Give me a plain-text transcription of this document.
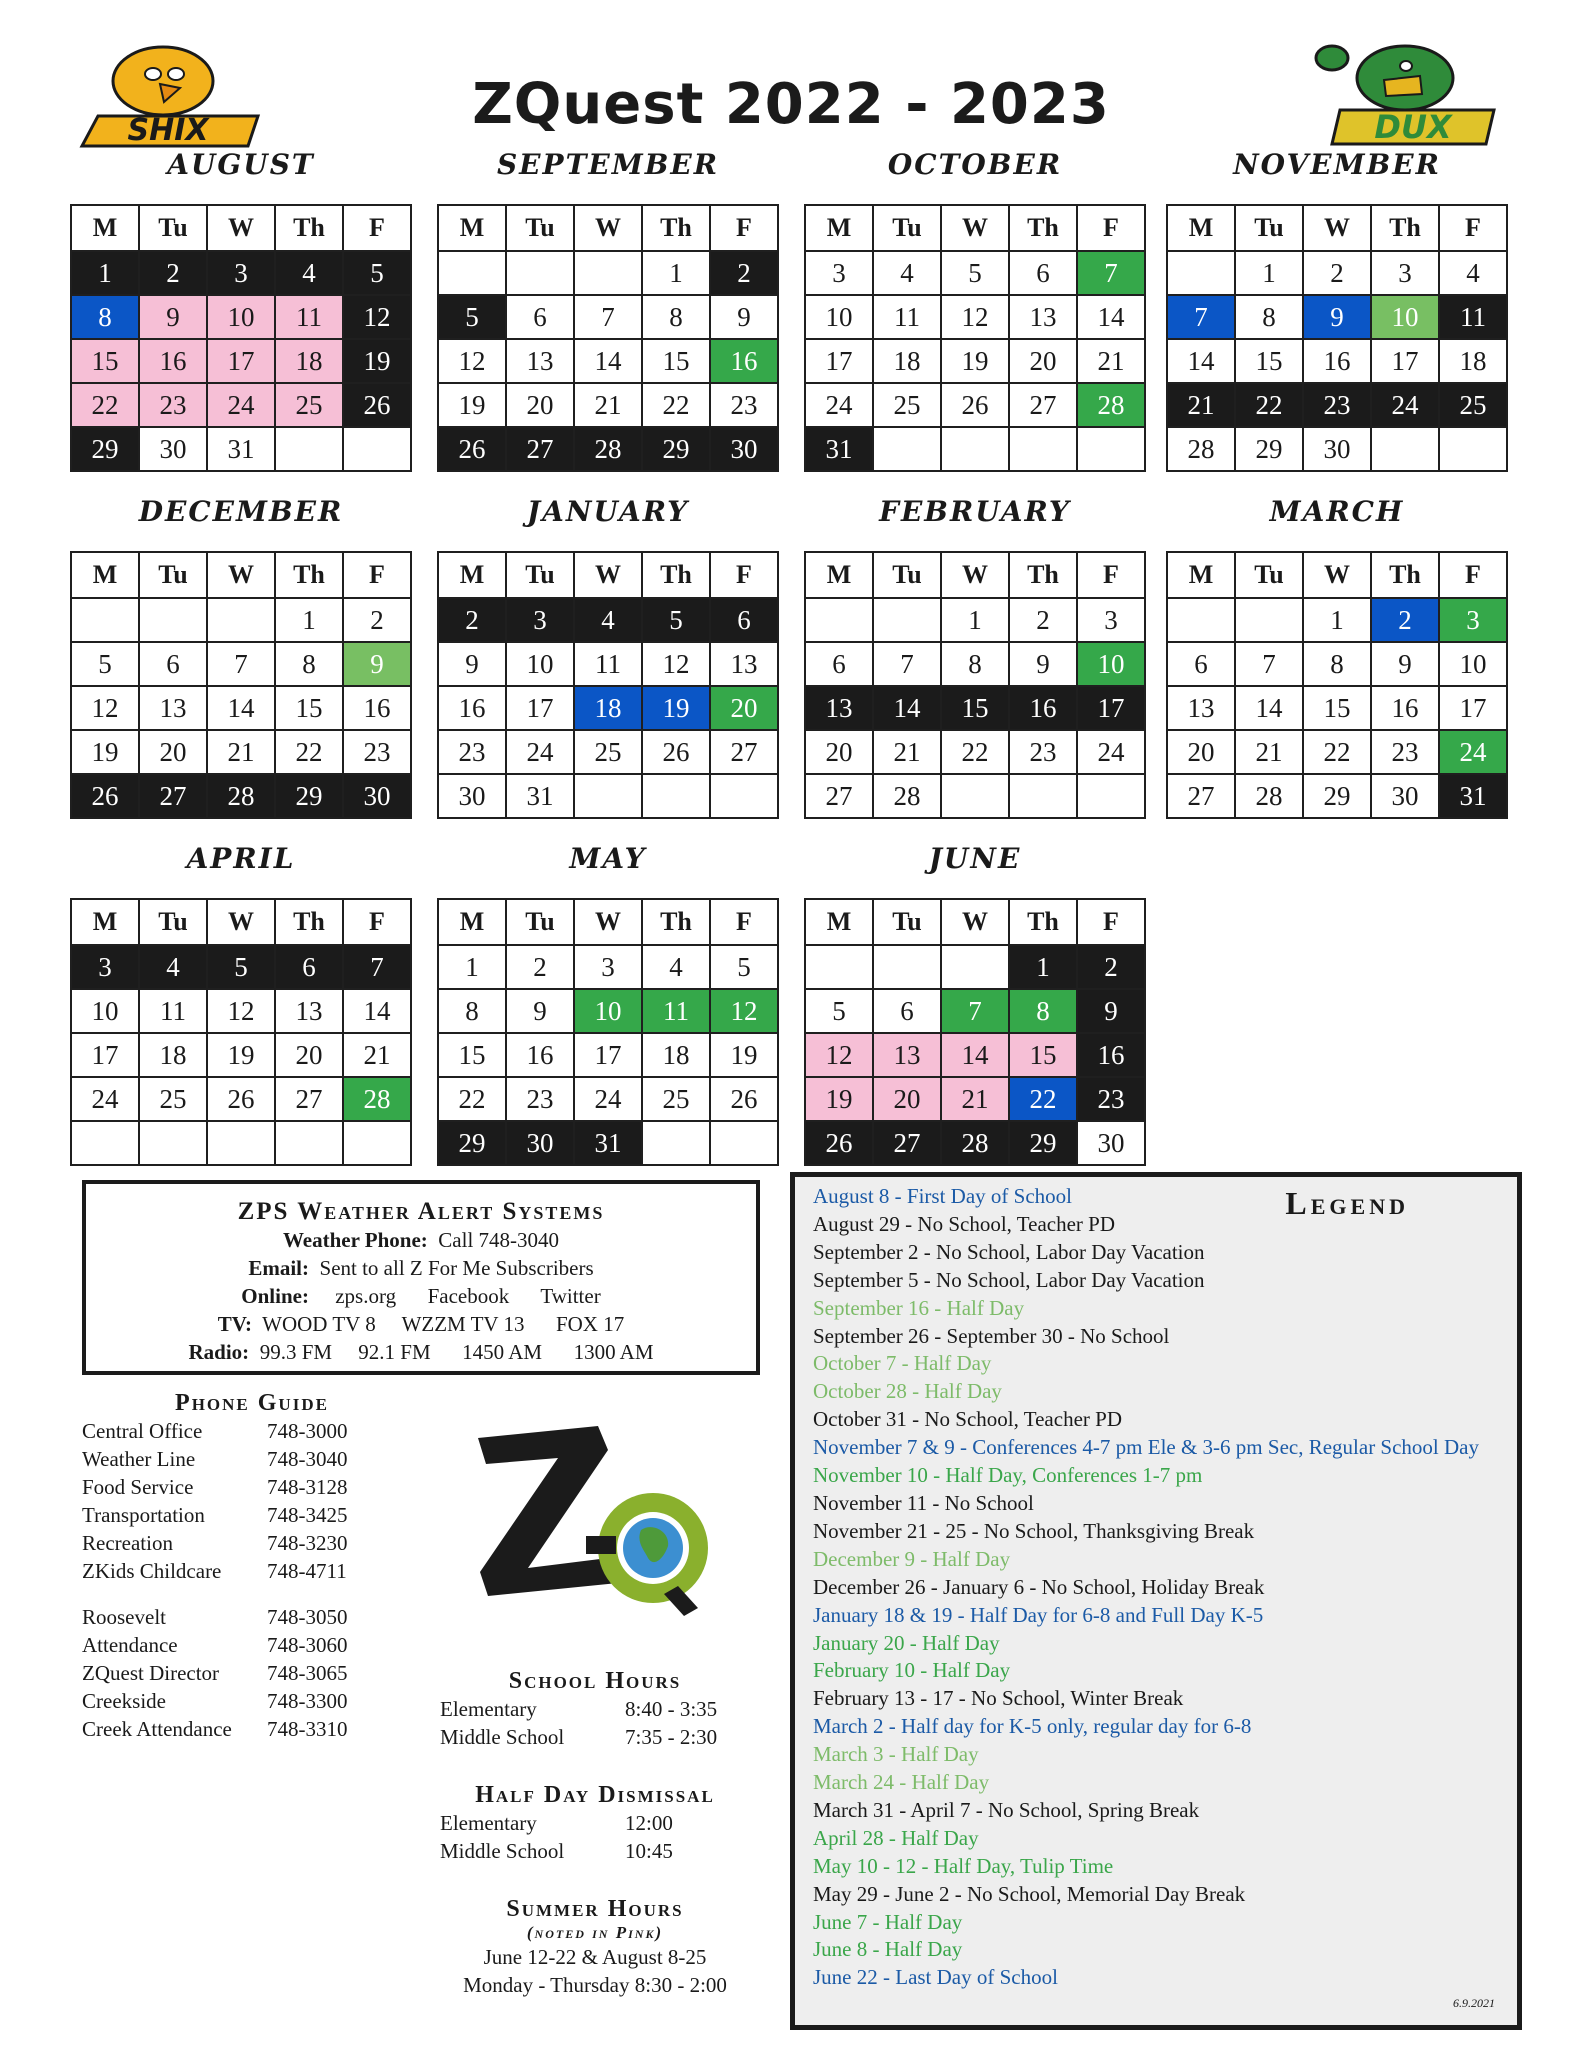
SHIX	DUX
ZQuest 2022 - 2023
AUGUST
M	Tu	W	Th	F
1	2	3	4	5
8	9	10	11	12
15	16	17	18	19
22	23	24	25	26
29	30	31		
SEPTEMBER
M	Tu	W	Th	F
			1	2
5	6	7	8	9
12	13	14	15	16
19	20	21	22	23
26	27	28	29	30
OCTOBER
M	Tu	W	Th	F
3	4	5	6	7
10	11	12	13	14
17	18	19	20	21
24	25	26	27	28
31				
NOVEMBER
M	Tu	W	Th	F
	1	2	3	4
7	8	9	10	11
14	15	16	17	18
21	22	23	24	25
28	29	30		
DECEMBER
M	Tu	W	Th	F
			1	2
5	6	7	8	9
12	13	14	15	16
19	20	21	22	23
26	27	28	29	30
JANUARY
M	Tu	W	Th	F
2	3	4	5	6
9	10	11	12	13
16	17	18	19	20
23	24	25	26	27
30	31			
FEBRUARY
M	Tu	W	Th	F
		1	2	3
6	7	8	9	10
13	14	15	16	17
20	21	22	23	24
27	28			
MARCH
M	Tu	W	Th	F
		1	2	3
6	7	8	9	10
13	14	15	16	17
20	21	22	23	24
27	28	29	30	31
APRIL
M	Tu	W	Th	F
3	4	5	6	7
10	11	12	13	14
17	18	19	20	21
24	25	26	27	28

MAY
M	Tu	W	Th	F
1	2	3	4	5
8	9	10	11	12
15	16	17	18	19
22	23	24	25	26
29	30	31		
JUNE
M	Tu	W	Th	F
			1	2
5	6	7	8	9
12	13	14	15	16
19	20	21	22	23
26	27	28	29	30
ZPS Weather Alert Systems
Weather Phone:  Call 748-3040
Email:  Sent to all Z For Me Subscribers
Online:     zps.org      Facebook      Twitter
TV:  WOOD TV 8     WZZM TV 13      FOX 17
Radio:  99.3 FM     92.1 FM      1450 AM      1300 AM
Phone Guide
Central Office	748-3000
Weather Line	748-3040
Food Service	748-3128
Transportation	748-3425
Recreation	748-3230
ZKids Childcare 748-4711
Roosevelt	748-3050
Attendance	748-3060
ZQuest Director 748-3065
Creekside	748-3300
Creek Attendance 748-3310
School Hours
Elementary	8:40 - 3:35
Middle School	7:35 - 2:30
Half Day Dismissal
Elementary	12:00
Middle School	10:45
Summer Hours
(noted in Pink)
June 12-22 & August 8-25
Monday - Thursday 8:30 - 2:00
Legend
August 8 - First Day of School
August 29 - No School, Teacher PD
September 2 - No School, Labor Day Vacation
September 5 - No School, Labor Day Vacation
September 16 - Half Day
September 26 - September 30 - No School
October 7 - Half Day
October 28 - Half Day
October 31 - No School, Teacher PD
November 7 & 9 - Conferences 4-7 pm Ele & 3-6 pm Sec, Regular School Day
November 10 - Half Day, Conferences 1-7 pm
November 11 - No School
November 21 - 25 - No School, Thanksgiving Break
December 9 - Half Day
December 26 - January 6 - No School, Holiday Break
January 18 & 19 - Half Day for 6-8 and Full Day K-5
January 20 - Half Day
February 10 - Half Day
February 13 - 17 - No School, Winter Break
March 2 - Half day for K-5 only, regular day for 6-8
March 3 - Half Day
March 24 - Half Day
March 31 - April 7 - No School, Spring Break
April 28 - Half Day
May 10 - 12 - Half Day, Tulip Time
May 29 - June 2 - No School, Memorial Day Break
June 7 - Half Day
June 8 - Half Day
June 22 - Last Day of School
6.9.2021
